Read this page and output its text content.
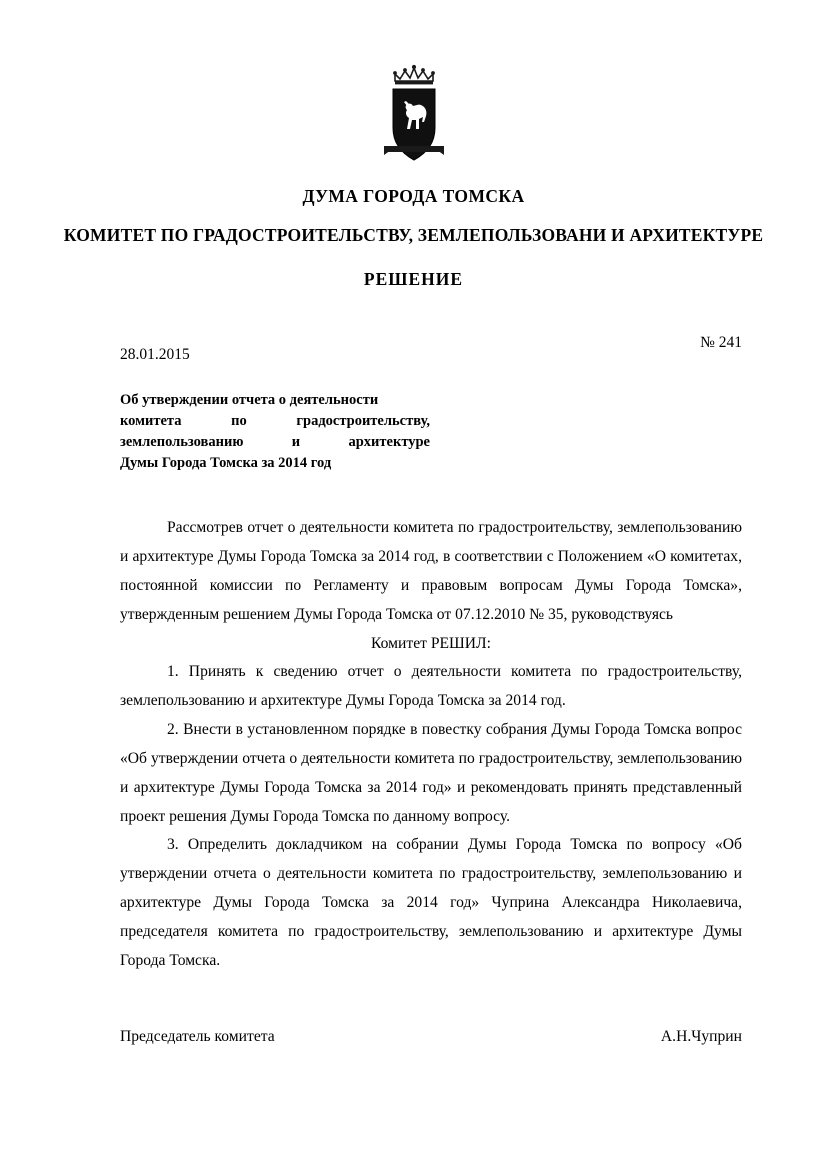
ДУМА ГОРОДА ТОМСКА
КОМИТЕТ ПО ГРАДОСТРОИТЕЛЬСТВУ, ЗЕМЛЕПОЛЬЗОВАНИ И АРХИТЕКТУРЕ
РЕШЕНИЕ
28.01.2015
№ 241
Об утверждении отчета о деятельности
комитета по градостроительству,
землепользованию и архитектуре
Думы Города Томска за 2014 год

Рассмотрев отчет о деятельности комитета по градостроительству, землепользованию и архитектуре Думы Города Томска за 2014 год, в соответствии с Положением «О комитетах, постоянной комиссии по Регламенту и правовым вопросам Думы Города Томска», утвержденным решением Думы Города Томска от 07.12.2010 № 35, руководствуясь

Комитет РЕШИЛ:

1. Принять к сведению отчет о деятельности комитета по градостроительству, землепользованию и архитектуре Думы Города Томска за 2014 год.

2. Внести в установленном порядке в повестку собрания Думы Города Томска вопрос «Об утверждении отчета о деятельности комитета по градостроительству, землепользованию и архитектуре Думы Города Томска за 2014 год» и рекомендовать принять представленный проект решения Думы Города Томска по данному вопросу.

3. Определить докладчиком на собрании Думы Города Томска по вопросу «Об утверждении отчета о деятельности комитета по градостроительству, землепользованию и архитектуре Думы Города Томска за 2014 год» Чуприна Александра Николаевича, председателя комитета по градостроительству, землепользованию и архитектуре Думы Города Томска.

Председатель комитета	А.Н.Чуприн
